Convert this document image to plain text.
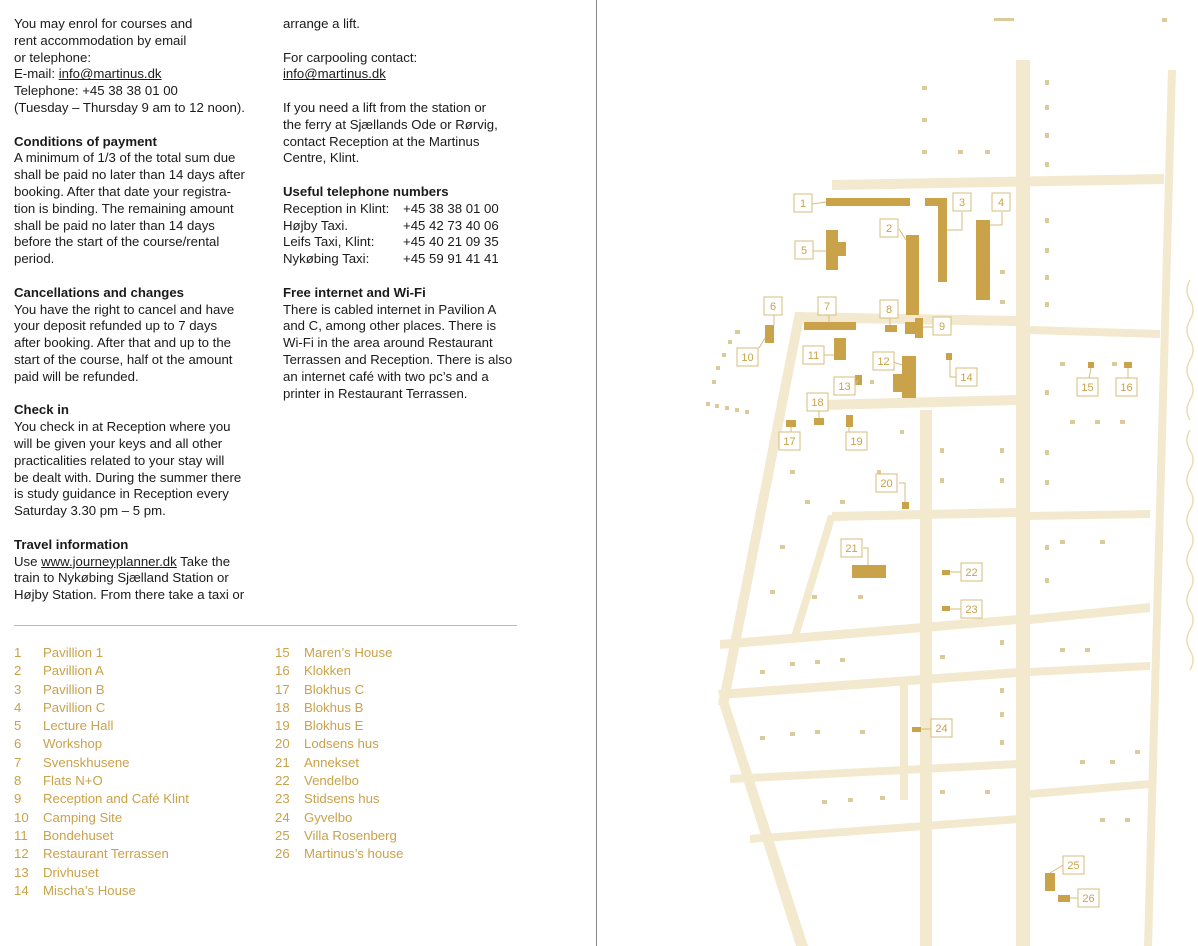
You may enrol for courses and
rent accommodation by email
or telephone:
E-mail: info@martinus.dk
Telephone: +45 38 38 01 00
(Tuesday – Thursday 9 am to 12 noon).
Conditions of payment
A minimum of 1/3 of the total sum due
shall be paid no later than 14 days after
booking. After that date your registra-
tion is binding. The remaining amount
shall be paid no later than 14 days
before the start of the course/rental
period.
Cancellations and changes
You have the right to cancel and have
your deposit refunded up to 7 days
after booking. After that and up to the
start of the course, half ot the amount
paid will be refunded.
Check in
You check in at Reception where you
will be given your keys and all other
practicalities related to your stay will
be dealt with. During the summer there
is study guidance in Reception every
Saturday 3.30 pm – 5 pm.
Travel information
Use www.journeyplanner.dk Take the
train to Nykøbing Sjælland Station or
Højby Station. From there take a taxi or
arrange a lift.
For carpooling contact:
info@martinus.dk
If you need a lift from the station or
the ferry at Sjællands Ode or Rørvig,
contact Reception at the Martinus
Centre, Klint.
Useful telephone numbers
Reception in Klint:	+45 38 38 01 00
Højby Taxi.	+45 42 73 40 06
Leifs Taxi, Klint:	+45 40 21 09 35
Nykøbing Taxi:	+45 59 91 41 41
Free internet and Wi-Fi
There is cabled internet in Pavilion A
and C, among other places. There is
Wi-Fi in the area around Restaurant
Terrassen and Reception. There is also
an internet café with two pc’s and a
printer in Restaurant Terrassen.
1	Pavillion 1
2	Pavillion A
3	Pavillion B
4	Pavillion C
5	Lecture Hall
6	Workshop
7	Svenskhusene
8	Flats N+O
9	Reception and Café Klint
10	Camping Site
11	Bondehuset
12	Restaurant Terrassen
13	Drivhuset
14	Mischa’s House
15	Maren’s House
16	Klokken
17	Blokhus C
18	Blokhus B
19	Blokhus E
20	Lodsens hus
21	Annekset
22	Vendelbo
23	Stidsens hus
24	Gyvelbo
25	Villa Rosenberg
26	Martinus’s house
1
2
3	4
5
6	7	8
9
10	11	12
13
14
15 16
17
18
19
20
21
22
23
24
25
26
